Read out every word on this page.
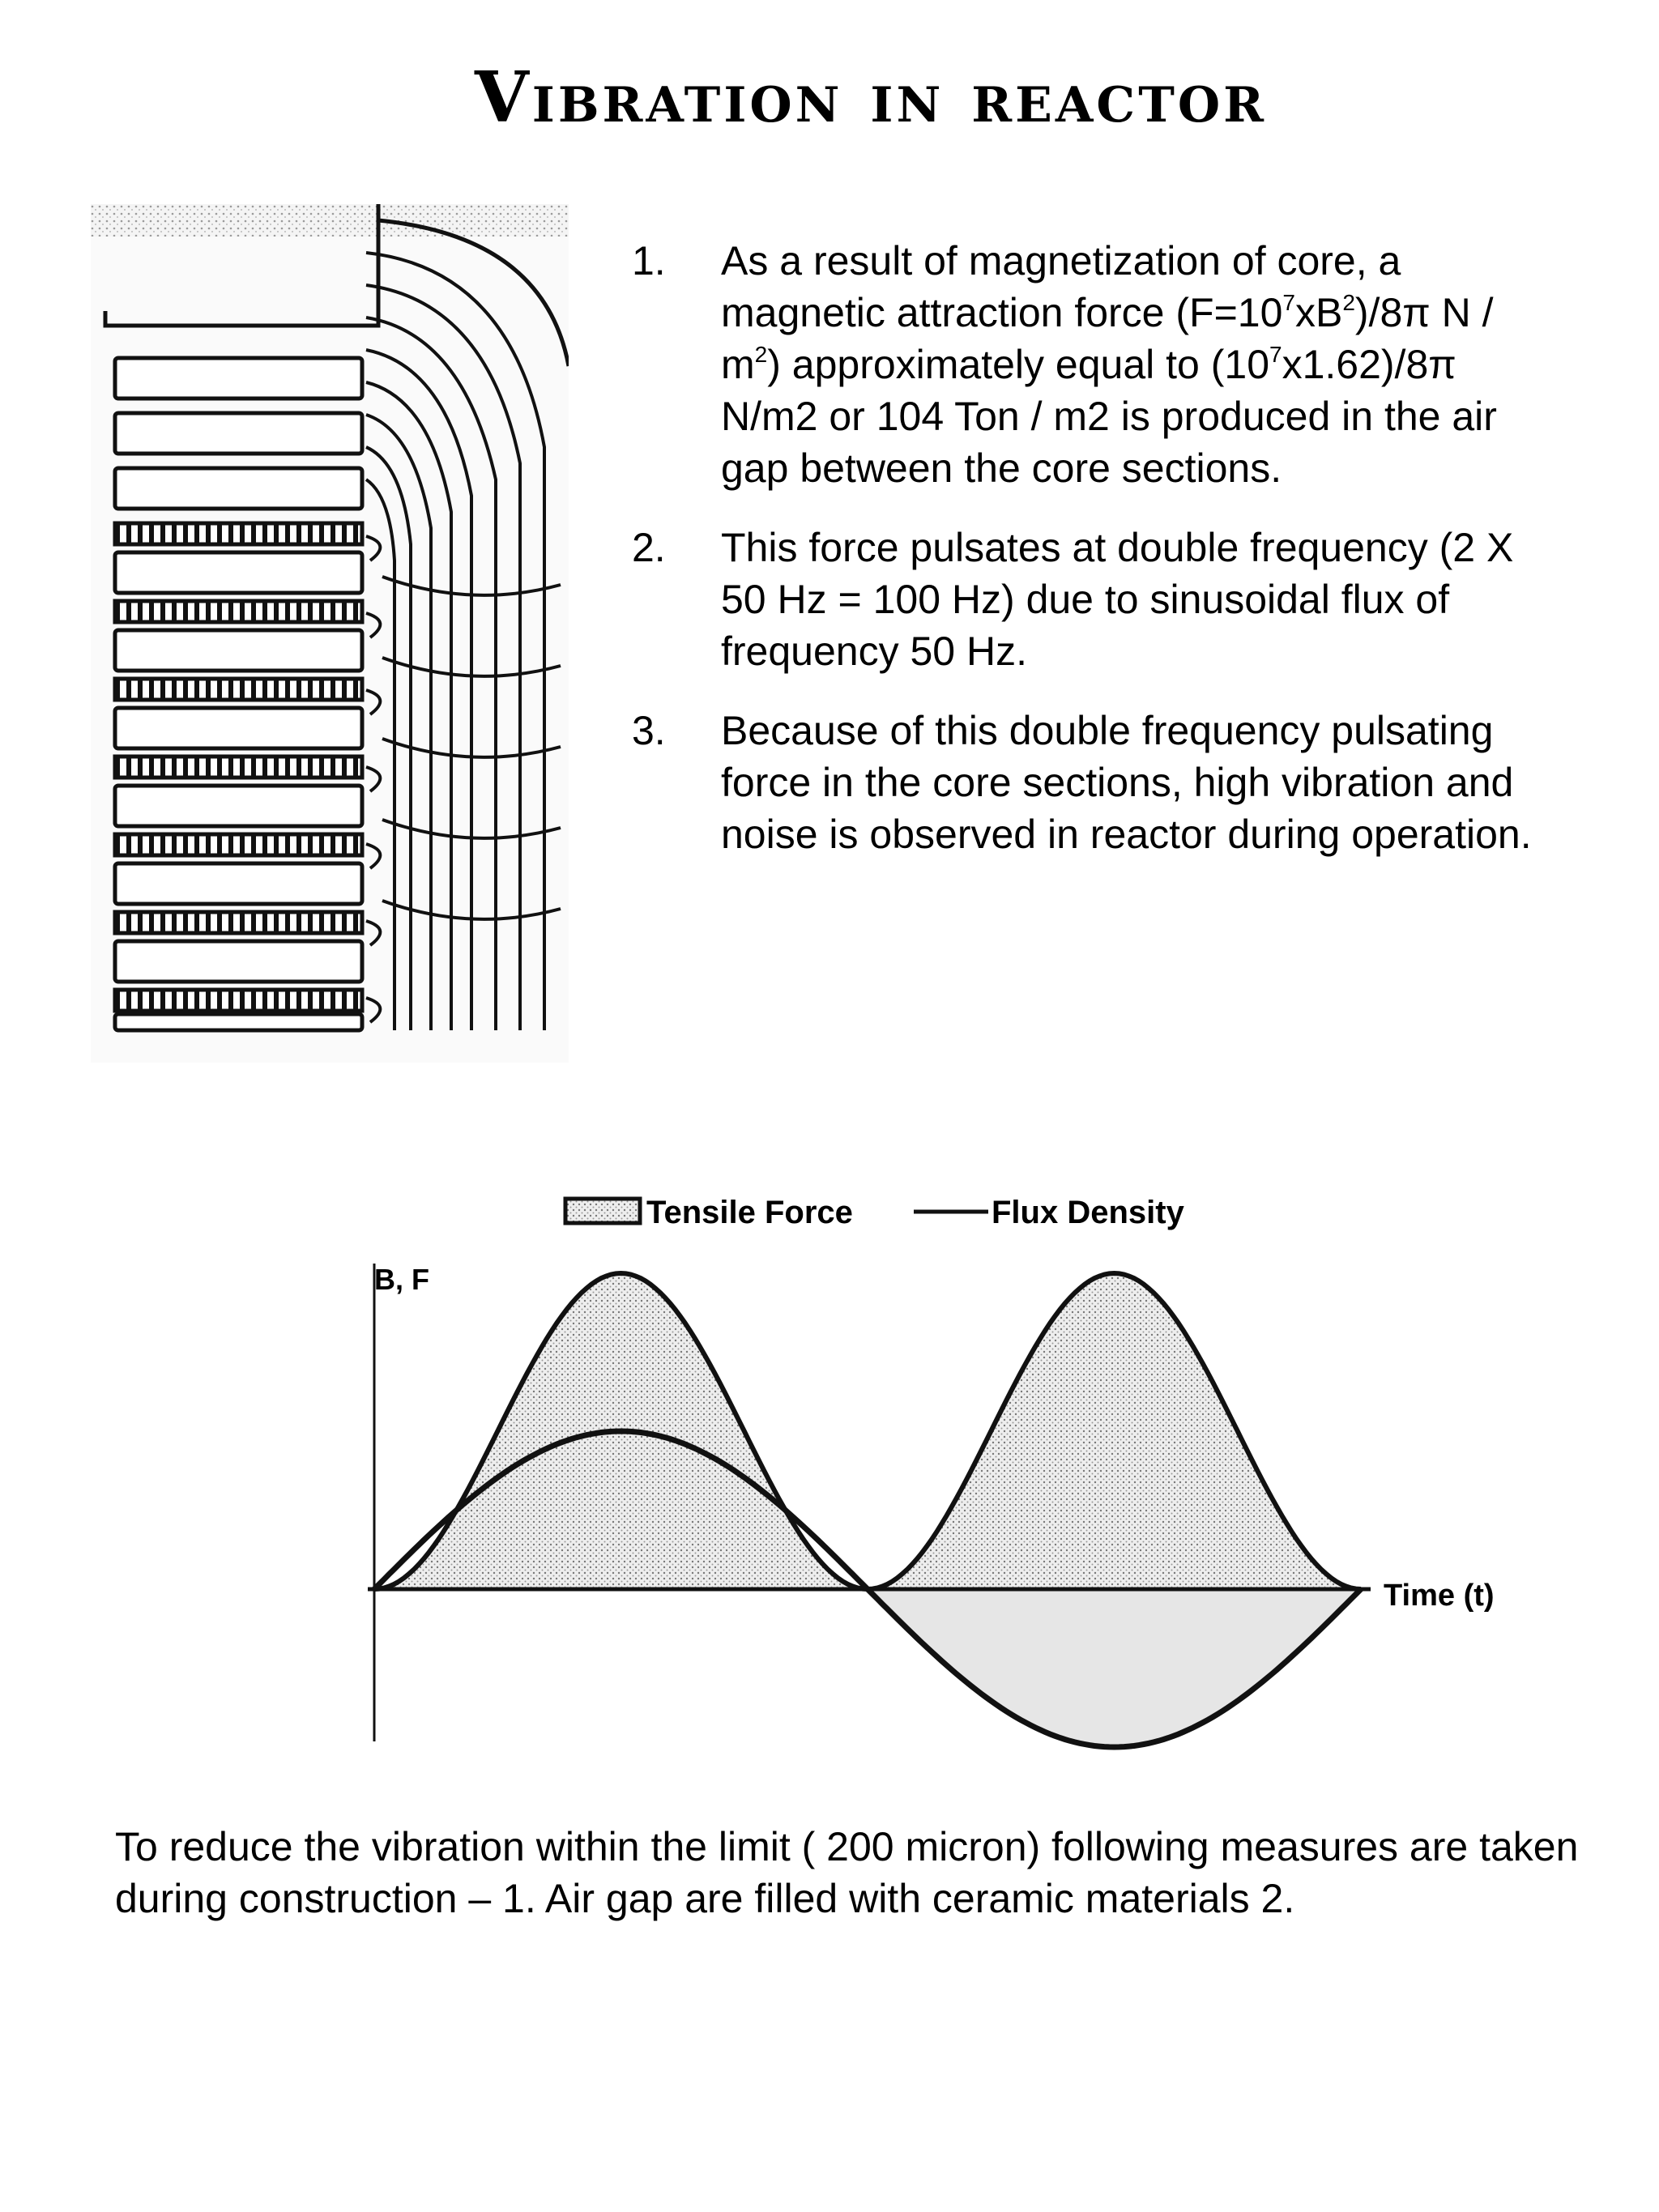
Vibration in reactor
1. As a result of magnetization of core, a magnetic attraction force $(F=10^7xB^2)/8\pi$ N / $m^2$) approximately equal to $(10^7x1.62)/8\pi$ N/m2 or 104 Ton / m2 is produced in the air gap between the core sections.
2. This force pulsates at double frequency (2 X 50 Hz = 100 Hz) due to sinusoidal flux of frequency 50 Hz.
3. Because of this double frequency pulsating force in the core sections, high vibration and noise is observed in reactor during operation.
Tensile Force	Flux Density
B, F
Time (t)
To reduce the vibration within the limit ( 200 micron) following measures are taken during construction – 1. Air gap are filled with ceramic materials 2.
